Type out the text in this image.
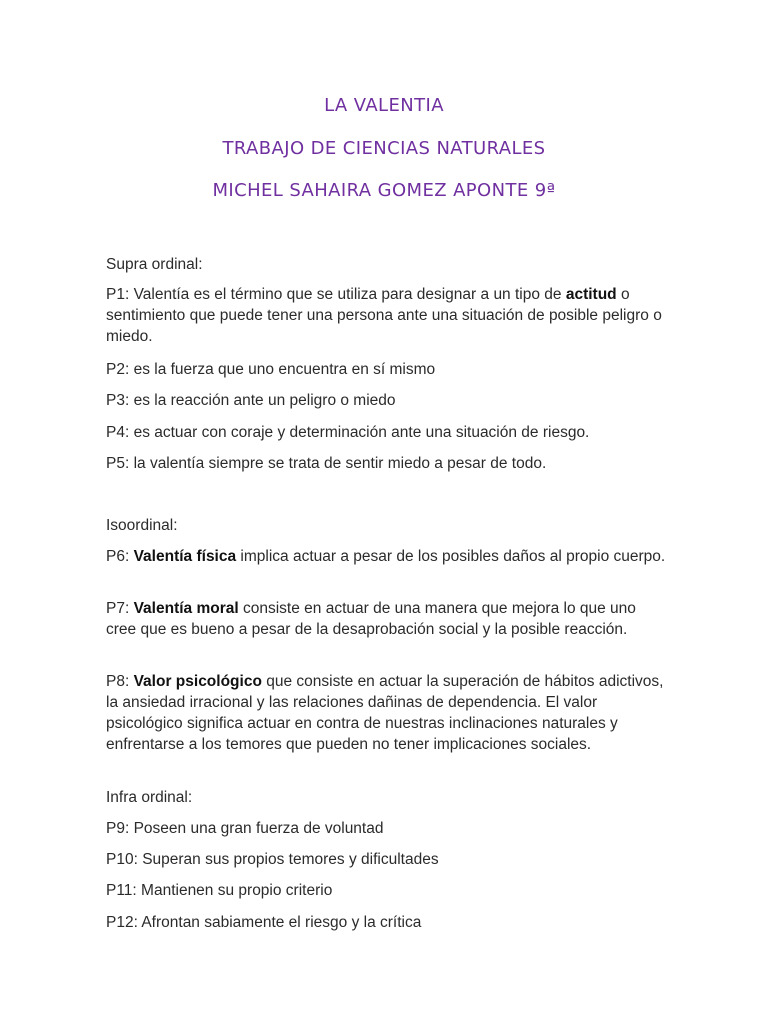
LA VALENTIA
TRABAJO DE CIENCIAS NATURALES
MICHEL SAHAIRA GOMEZ APONTE 9ª
Supra ordinal:
P1: Valentía es el término que se utiliza para designar a un tipo de actitud o sentimiento que puede tener una persona ante una situación de posible peligro o miedo.
P2: es la fuerza que uno encuentra en sí mismo
P3: es la reacción ante un peligro o miedo
P4: es actuar con coraje y determinación ante una situación de riesgo.
P5: la valentía siempre se trata de sentir miedo a pesar de todo.
Isoordinal:
P6: Valentía física implica actuar a pesar de los posibles daños al propio cuerpo.
P7: Valentía moral consiste en actuar de una manera que mejora lo que uno cree que es bueno a pesar de la desaprobación social y la posible reacción.
P8: Valor psicológico que consiste en actuar la superación de hábitos adictivos, la ansiedad irracional y las relaciones dañinas de dependencia. El valor psicológico significa actuar en contra de nuestras inclinaciones naturales y enfrentarse a los temores que pueden no tener implicaciones sociales.
Infra ordinal:
P9: Poseen una gran fuerza de voluntad
P10: Superan sus propios temores y dificultades
P11: Mantienen su propio criterio
P12: Afrontan sabiamente el riesgo y la crítica
